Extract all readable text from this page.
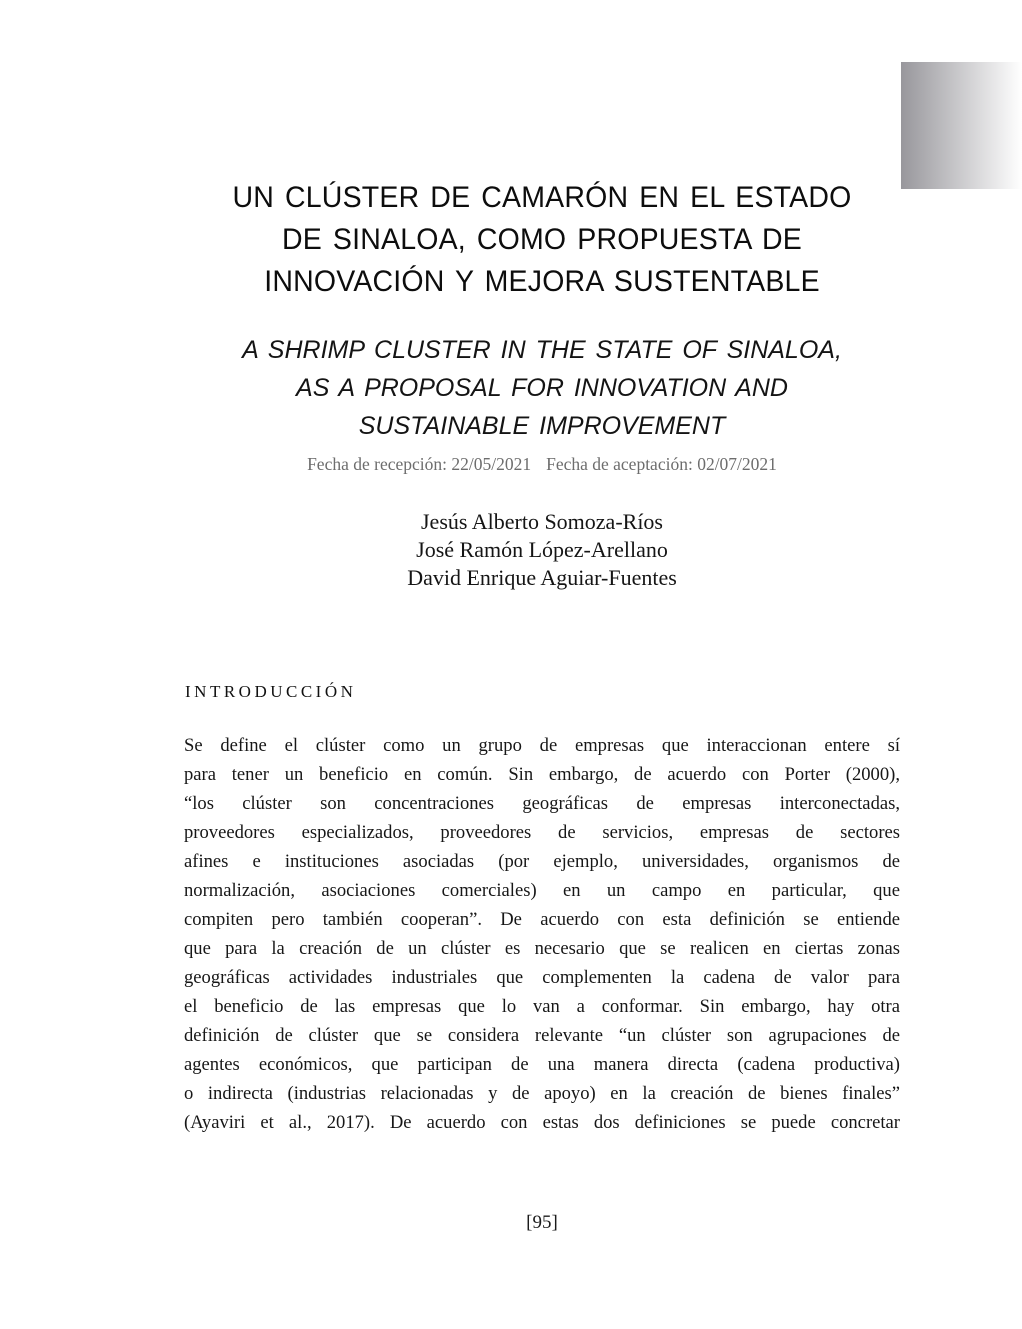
UN CLÚSTER DE CAMARÓN EN EL ESTADO
DE SINALOA, COMO PROPUESTA DE
INNOVACIÓN Y MEJORA SUSTENTABLE
A SHRIMP CLUSTER IN THE STATE OF SINALOA,
AS A PROPOSAL FOR INNOVATION AND
SUSTAINABLE IMPROVEMENT
Fecha de recepción: 22/05/2021 Fecha de aceptación: 02/07/2021
Jesús Alberto Somoza-Ríos
José Ramón López-Arellano
David Enrique Aguiar-Fuentes
INTRODUCCIÓN
Se define el clúster como un grupo de empresas que interaccionan entere sí
para tener un beneficio en común. Sin embargo, de acuerdo con Porter (2000),
“los clúster son concentraciones geográficas de empresas interconectadas,
proveedores especializados, proveedores de servicios, empresas de sectores
afines e instituciones asociadas (por ejemplo, universidades, organismos de
normalización, asociaciones comerciales) en un campo en particular, que
compiten pero también cooperan”. De acuerdo con esta definición se entiende
que para la creación de un clúster es necesario que se realicen en ciertas zonas
geográficas actividades industriales que complementen la cadena de valor para
el beneficio de las empresas que lo van a conformar. Sin embargo, hay otra
definición de clúster que se considera relevante “un clúster son agrupaciones de
agentes económicos, que participan de una manera directa (cadena productiva)
o indirecta (industrias relacionadas y de apoyo) en la creación de bienes finales”
(Ayaviri et al., 2017). De acuerdo con estas dos definiciones se puede concretar
[95]
